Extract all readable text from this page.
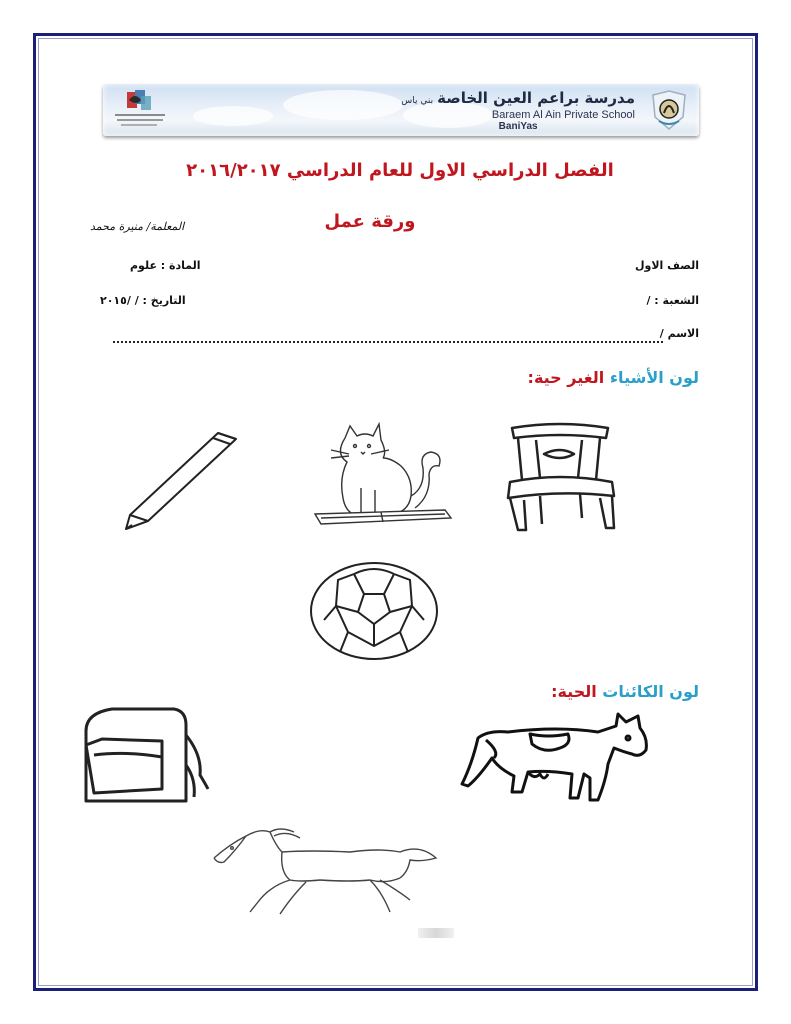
مدرسة براعم العين الخاصةبني ياس
Baraem Al Ain Private School
BaniYas
الفصل الدراسي الاول للعام الدراسي ٢٠١٦/٢٠١٧
ورقة عمل
المعلمة/ منيرة محمد
الصف الاول
المادة : علوم
الشعبة : /
التاريخ : / /٢٠١٥
الاسم /
لون الأشياء الغير حية:
لون الكائنات الحية:
